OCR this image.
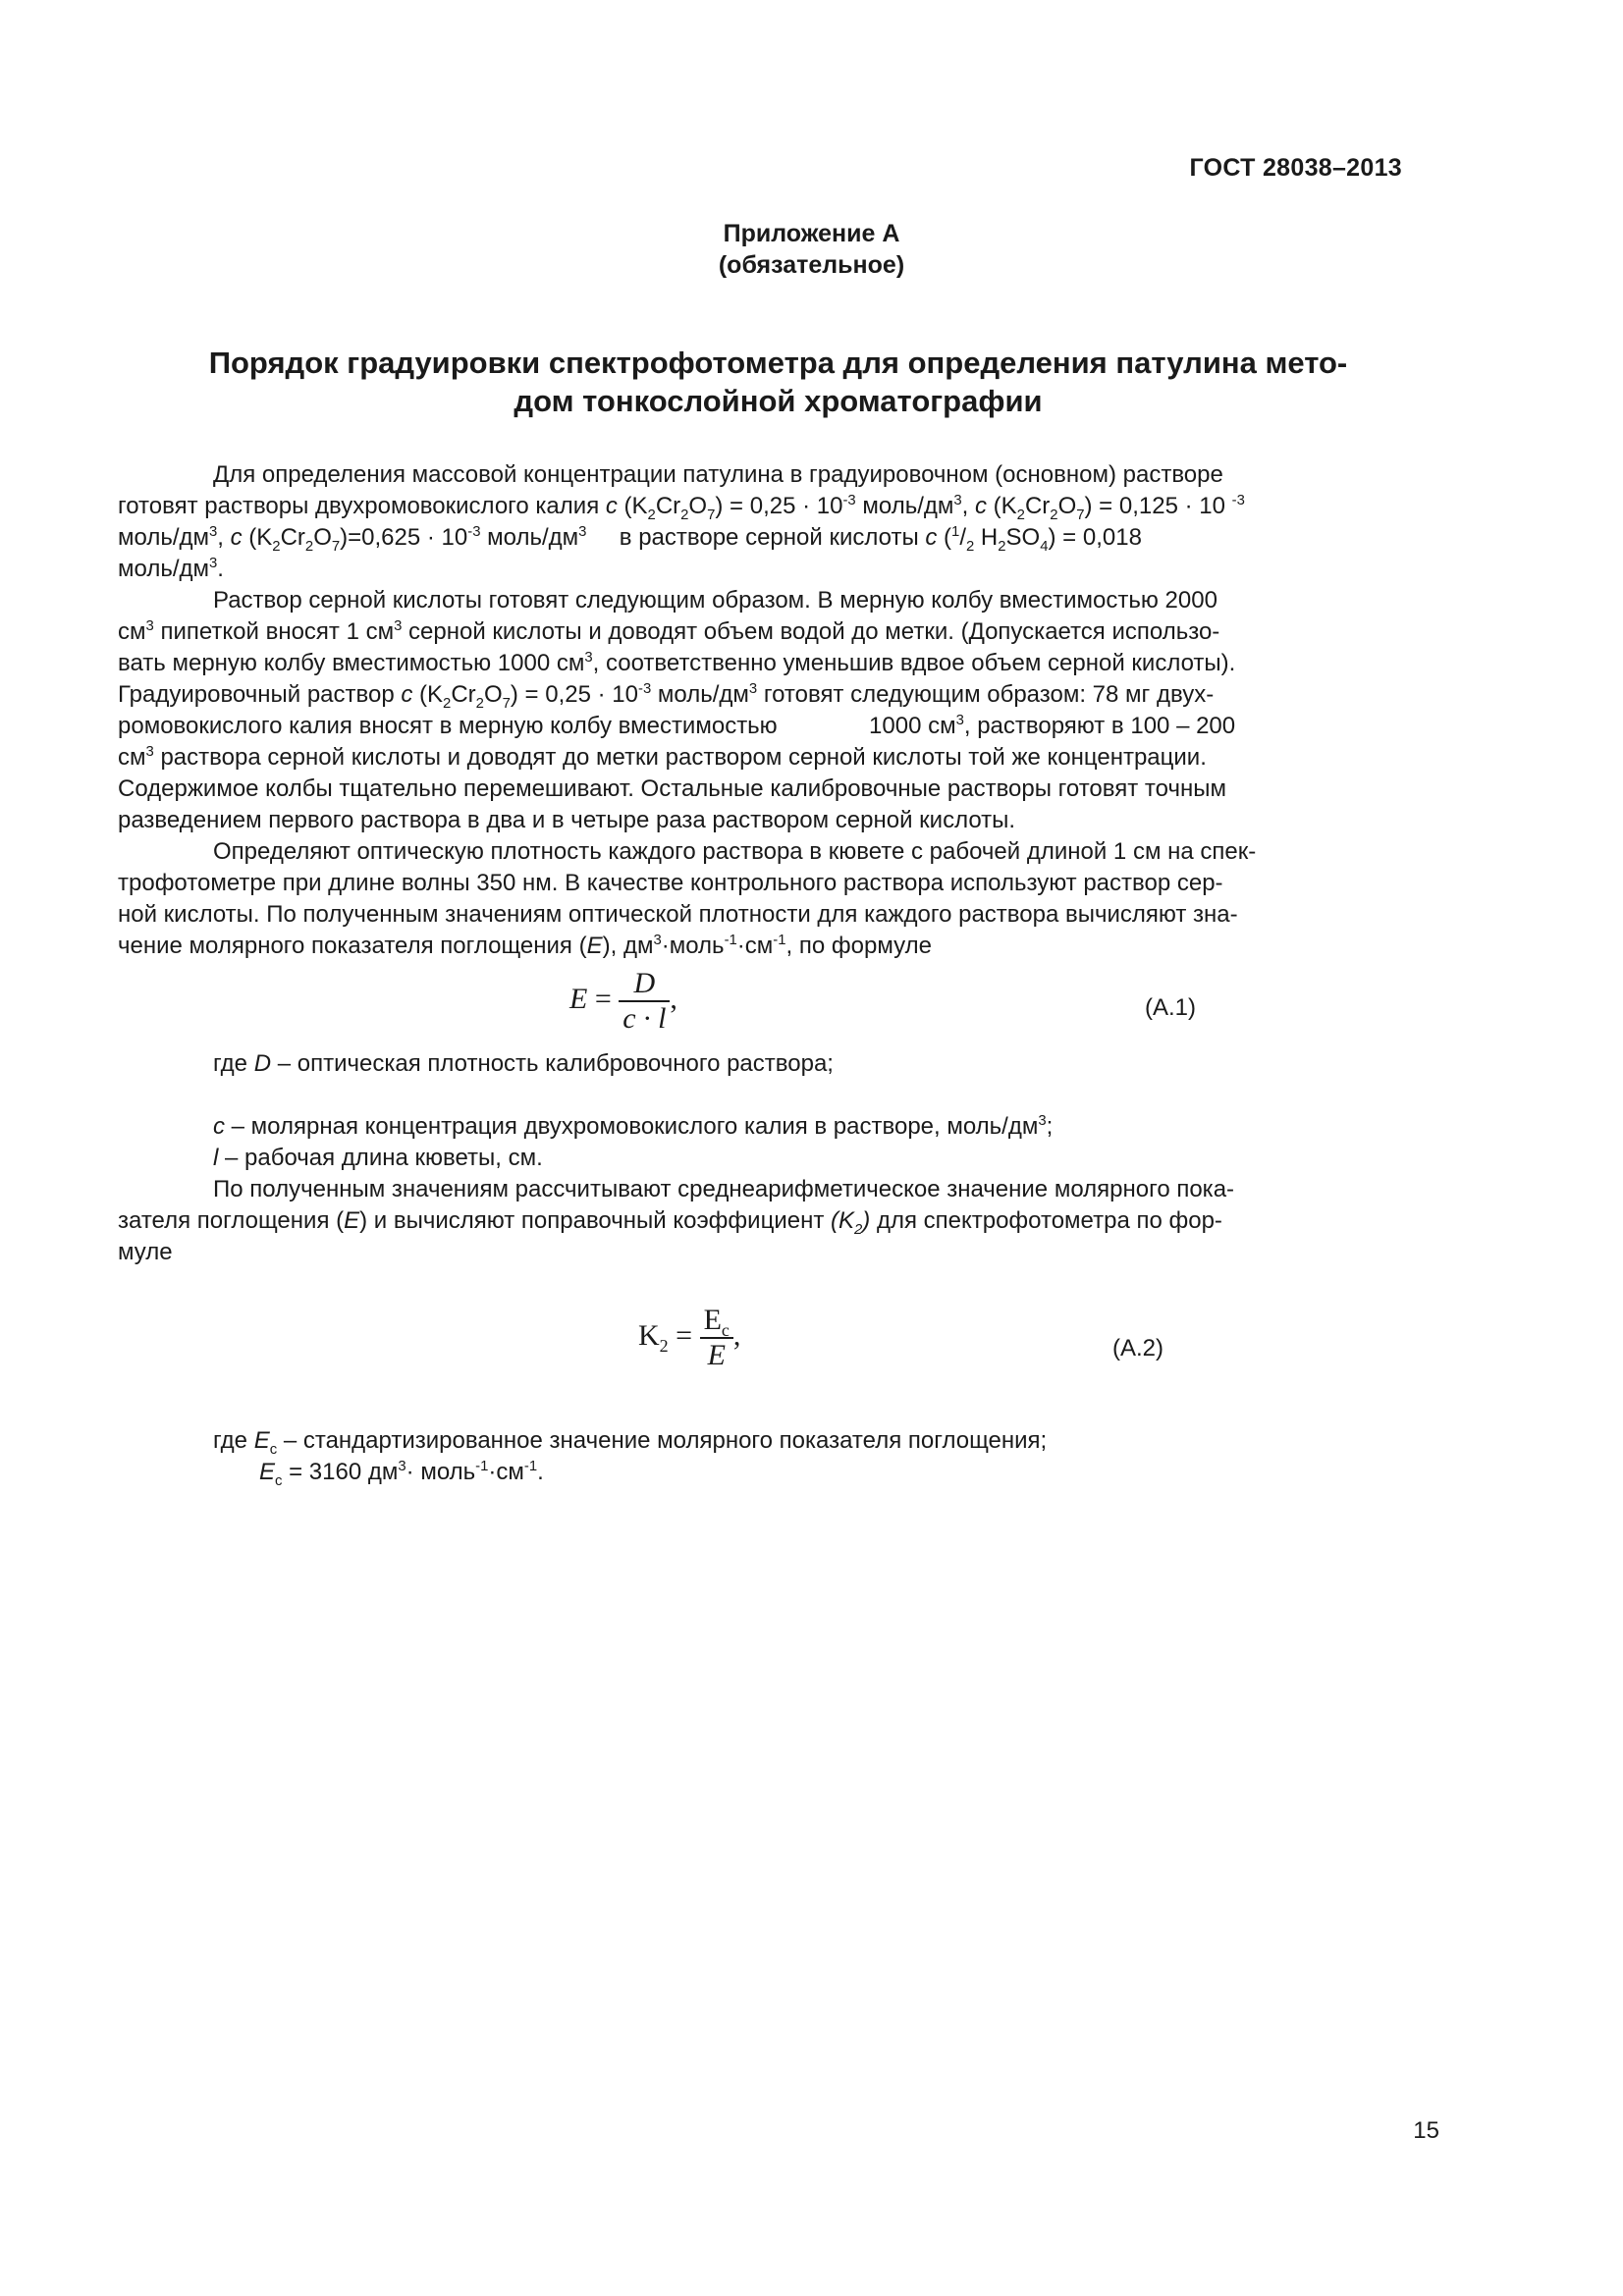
ГОСТ 28038–2013
Приложение А
(обязательное)
Порядок градуировки спектрофотометра для определения патулина мето-
дом тонкослойной хроматографии
Для определения массовой концентрации патулина в градуировочном (основном) растворе
готовят растворы двухромовокислого калия с $(K_2Cr_2O_7) = 0,25 \cdot 10^{-3}$ моль/$дм^3$, с $(K_2Cr_2O_7) = 0,125 \cdot 10$ $^{-3}$
моль/$дм^3$, с $(K_2Cr_2O_7)=0,625 \cdot 10^{-3}$ моль/$дм^3$     в растворе серной кислоты с ($^1/_2$ $H_2SO_4) = 0,018$
моль/$дм^3$.
Раствор серной кислоты готовят следующим образом. В мерную колбу вместимостью 2000
$см^3$ пипеткой вносят 1 $см^3$ серной кислоты и доводят объем водой до метки. (Допускается использо-
вать мерную колбу вместимостью 1000 $см^3$, соответственно уменьшив вдвое объем серной кислоты).
Градуировочный раствор с $(K_2Cr_2O_7) = 0,25 \cdot 10^{-3}$ моль/$дм^3$ готовят следующим образом: 78 мг двух-
ромовокислого калия вносят в мерную колбу вместимостью              1000 $см^3$, растворяют в 100 – 200
$см^3$ раствора серной кислоты и доводят до метки раствором серной кислоты той же концентрации.
Содержимое колбы тщательно перемешивают. Остальные калибровочные растворы готовят точным
разведением первого раствора в два и в четыре раза раствором серной кислоты.
Определяют оптическую плотность каждого раствора в кювете с рабочей длиной 1 см на спек-
трофотометре при длине волны 350 нм. В качестве контрольного раствора используют раствор сер-
ной кислоты. По полученным значениям оптической плотности для каждого раствора вычисляют зна-
чение молярного показателя поглощения (E), $дм^3\cdot моль^{-1}\cdot см^{-1}$, по формуле
$E = \frac{D}{c \cdot l}$ ,	(А.1)
где D – оптическая плотность калибровочного раствора;
с – молярная концентрация двухромовокислого калия в растворе, моль/$дм^3$;
l – рабочая длина кюветы, см.
По полученным значениям рассчитывают среднеарифметическое значение молярного пока-
зателя поглощения (E) и вычисляют поправочный коэффициент $(K_2)$ для спектрофотометра по фор-
муле
$K_2 = \frac{E_c}{E}$ ,	(А.2)
где $E_с$ – стандартизированное значение молярного показателя поглощения;
$E_с = 3160$ $дм^3\cdot$ $моль^{-1}\cdot см^{-1}$.
15
